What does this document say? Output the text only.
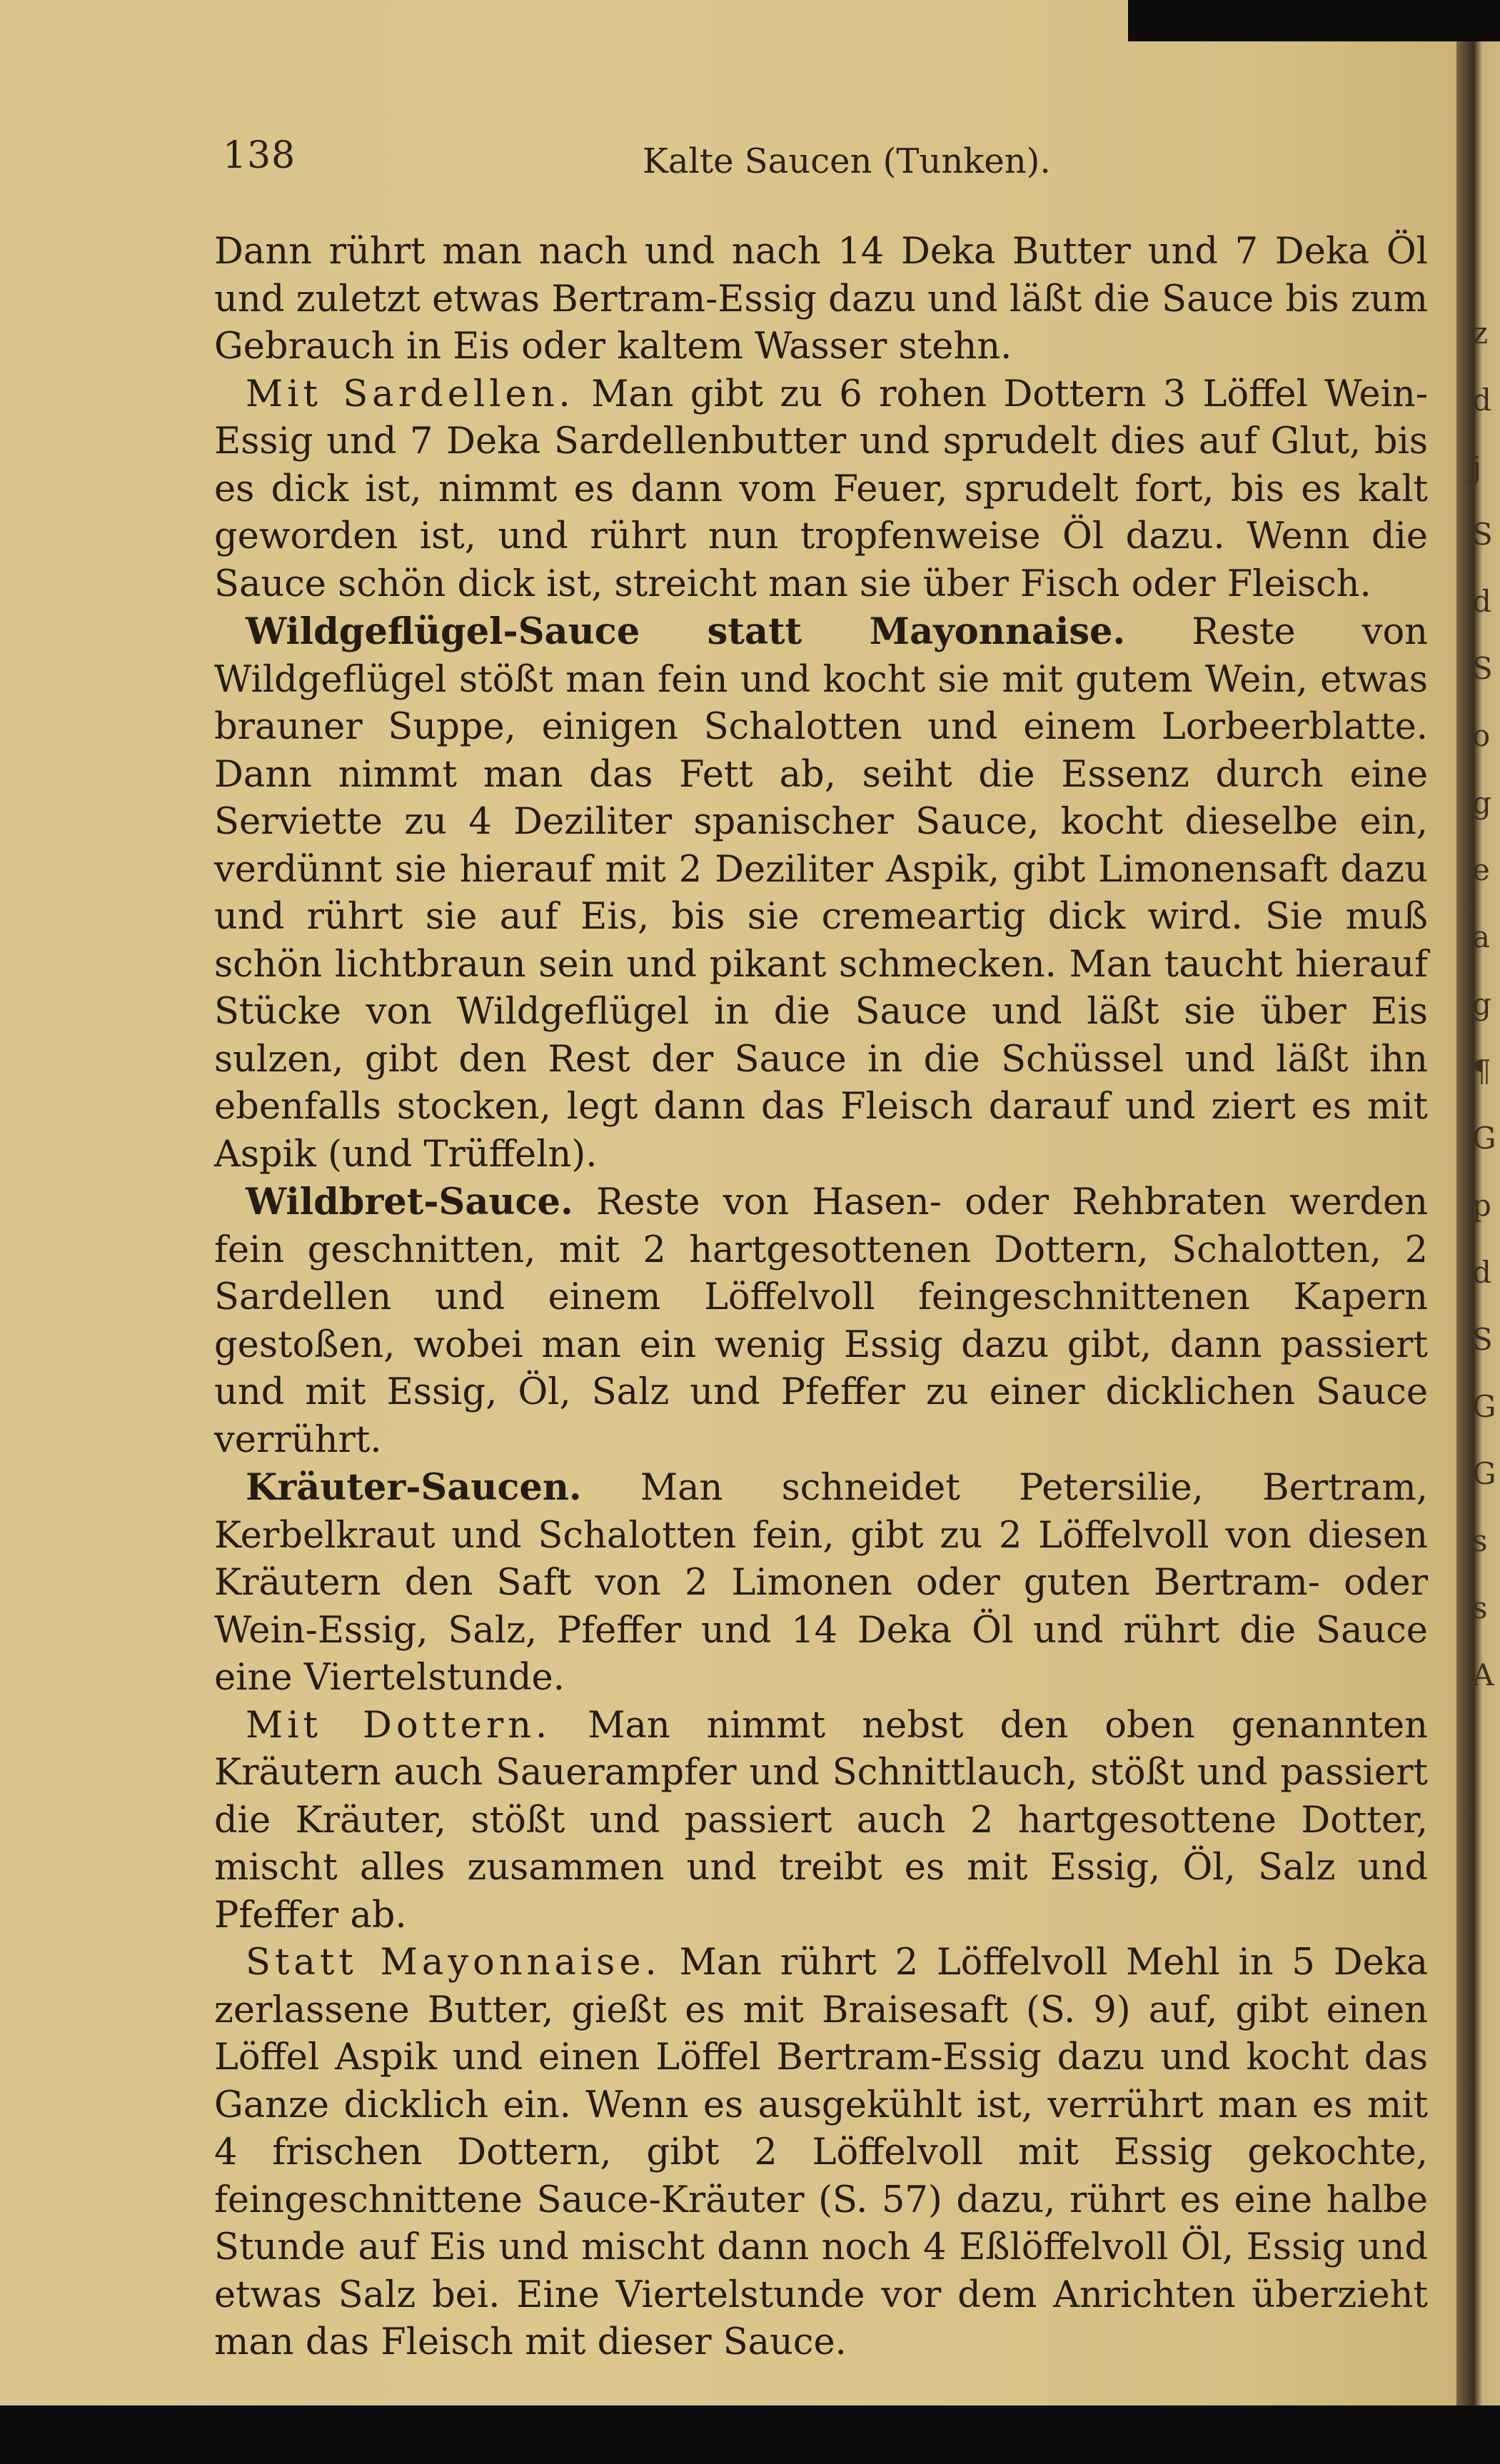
138	Kalte Saucen (Tunken).

Dann rührt man nach und nach 14 Deka Butter und 7 Deka Öl und zuletzt etwas Bertram-Essig dazu und läßt die Sauce bis zum Gebrauch in Eis oder kaltem Wasser stehn.

Mit Sardellen. Man gibt zu 6 rohen Dottern 3 Löffel Wein-Essig und 7 Deka Sardellenbutter und sprudelt dies auf Glut, bis es dick ist, nimmt es dann vom Feuer, sprudelt fort, bis es kalt geworden ist, und rührt nun tropfenweise Öl dazu. Wenn die Sauce schön dick ist, streicht man sie über Fisch oder Fleisch.

Wildgeflügel-Sauce statt Mayonnaise. Reste von Wildgeflügel stößt man fein und kocht sie mit gutem Wein, etwas brauner Suppe, einigen Schalotten und einem Lorbeerblatte. Dann nimmt man das Fett ab, seiht die Essenz durch eine Serviette zu 4 Deziliter spanischer Sauce, kocht dieselbe ein, verdünnt sie hierauf mit 2 Deziliter Aspik, gibt Limonensaft dazu und rührt sie auf Eis, bis sie cremeartig dick wird. Sie muß schön lichtbraun sein und pikant schmecken. Man taucht hierauf Stücke von Wildgeflügel in die Sauce und läßt sie über Eis sulzen, gibt den Rest der Sauce in die Schüssel und läßt ihn ebenfalls stocken, legt dann das Fleisch darauf und ziert es mit Aspik (und Trüffeln).

Wildbret-Sauce. Reste von Hasen- oder Rehbraten werden fein geschnitten, mit 2 hartgesottenen Dottern, Schalotten, 2 Sardellen und einem Löffelvoll feingeschnittenen Kapern gestoßen, wobei man ein wenig Essig dazu gibt, dann passiert und mit Essig, Öl, Salz und Pfeffer zu einer dicklichen Sauce verrührt.

Kräuter-Saucen. Man schneidet Petersilie, Bertram, Kerbelkraut und Schalotten fein, gibt zu 2 Löffelvoll von diesen Kräutern den Saft von 2 Limonen oder guten Bertram- oder Wein-Essig, Salz, Pfeffer und 14 Deka Öl und rührt die Sauce eine Viertelstunde.

Mit Dottern. Man nimmt nebst den oben genannten Kräutern auch Sauerampfer und Schnittlauch, stößt und passiert die Kräuter, stößt und passiert auch 2 hartgesottene Dotter, mischt alles zusammen und treibt es mit Essig, Öl, Salz und Pfeffer ab.

Statt Mayonnaise. Man rührt 2 Löffelvoll Mehl in 5 Deka zerlassene Butter, gießt es mit Braisesaft (S. 9) auf, gibt einen Löffel Aspik und einen Löffel Bertram-Essig dazu und kocht das Ganze dicklich ein. Wenn es ausgekühlt ist, verrührt man es mit 4 frischen Dottern, gibt 2 Löffelvoll mit Essig gekochte, feingeschnittene Sauce-Kräuter (S. 57) dazu, rührt es eine halbe Stunde auf Eis und mischt dann noch 4 Eßlöffelvoll Öl, Essig und etwas Salz bei. Eine Viertelstunde vor dem Anrichten überzieht man das Fleisch mit dieser Sauce.

z
d
j
S
d
S
o
g
e
a
g
¶
G
p
d
S
G
G
s
s
A
